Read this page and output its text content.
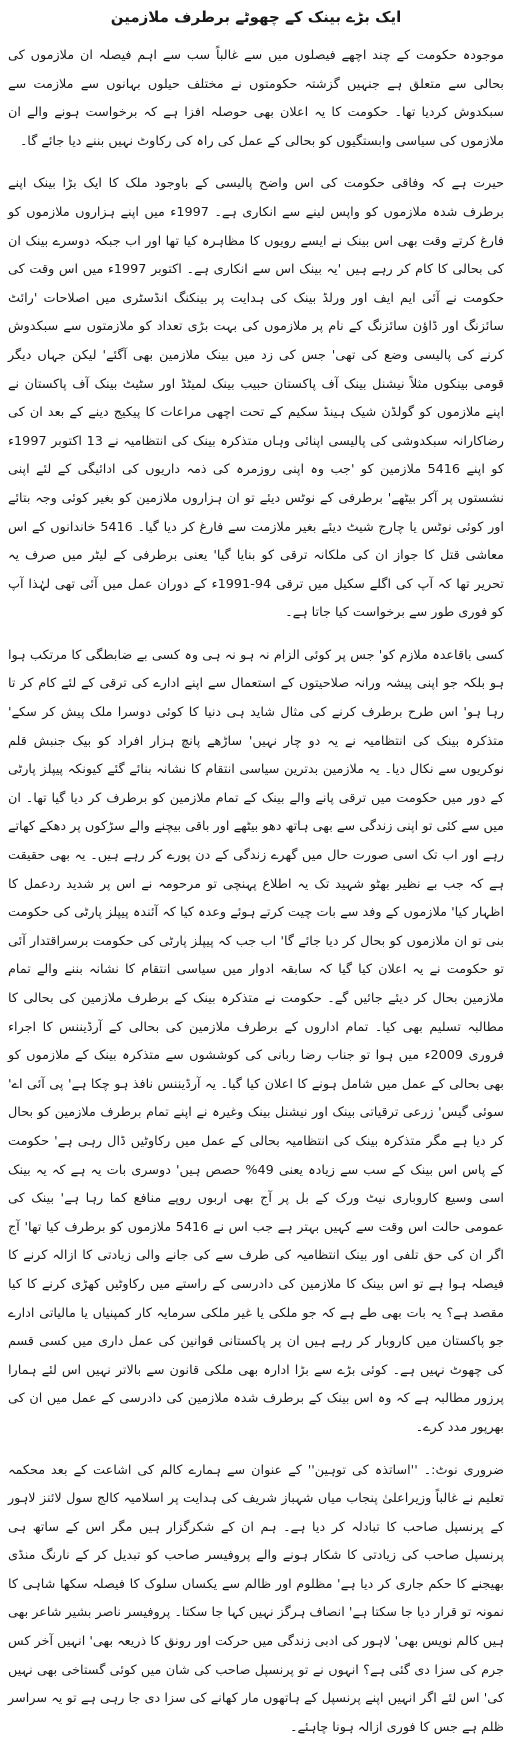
ایک بڑے بینک کے چھوٹے برطرف ملازمین

موجودہ حکومت کے چند اچھے فیصلوں میں سے غالباً سب سے اہم فیصلہ ان ملازموں کی بحالی سے متعلق ہے جنہیں گزشتہ حکومتوں نے مختلف حیلوں بہانوں سے ملازمت سے سبکدوش کردیا تھا۔ حکومت کا یہ اعلان بھی حوصلہ افزا ہے کہ برخواست ہونے والے ان ملازموں کی سیاسی وابستگیوں کو بحالی کے عمل کی راہ کی رکاوٹ نہیں بننے دیا جائے گا۔

حیرت ہے کہ وفاقی حکومت کی اس واضح پالیسی کے باوجود ملک کا ایک بڑا بینک اپنے برطرف شدہ ملازموں کو واپس لینے سے انکاری ہے۔ 1997ء میں اپنے ہزاروں ملازموں کو فارغ کرتے وقت بھی اس بینک نے ایسے رویوں کا مظاہرہ کیا تھا اور اب جبکہ دوسرے بینک ان کی بحالی کا کام کر رہے ہیں 'یہ بینک اس سے انکاری ہے۔ اکتوبر 1997ء میں اس وقت کی حکومت نے آئی ایم ایف اور ورلڈ بینک کی ہدایت پر بینکنگ انڈسٹری میں اصلاحات 'رائٹ سائزنگ اور ڈاؤن سائزنگ کے نام پر ملازموں کی بہت بڑی تعداد کو ملازمتوں سے سبکدوش کرنے کی پالیسی وضع کی تھی' جس کی زد میں بینک ملازمین بھی آگئے' لیکن جہاں دیگر قومی بینکوں مثلاً نیشنل بینک آف پاکستان حبیب بینک لمیٹڈ اور سٹیٹ بینک آف پاکستان نے اپنے ملازموں کو گولڈن شیک ہینڈ سکیم کے تحت اچھی مراعات کا پیکیج دینے کے بعد ان کی رضاکارانہ سبکدوشی کی پالیسی اپنائی وہاں متذکرہ بینک کی انتظامیہ نے 13 اکتوبر 1997ء کو اپنے 5416 ملازمین کو 'جب وہ اپنی روزمرہ کی ذمہ داریوں کی ادائیگی کے لئے اپنی نشستوں پر آکر بیٹھے' برطرفی کے نوٹس دیئے تو ان ہزاروں ملازمین کو بغیر کوئی وجہ بتائے اور کوئی نوٹس یا چارج شیٹ دیئے بغیر ملازمت سے فارغ کر دیا گیا۔ 5416 خاندانوں کے اس معاشی قتل کا جواز ان کی ملکانہ ترقی کو بنایا گیا' یعنی برطرفی کے لیٹر میں صرف یہ تحریر تھا کہ آپ کی اگلے سکیل میں ترقی 94-1991ء کے دوران عمل میں آئی تھی لہٰذا آپ کو فوری طور سے برخواست کیا جاتا ہے۔

کسی باقاعدہ ملازم کو' جس پر کوئی الزام نہ ہو نہ ہی وہ کسی بے ضابطگی کا مرتکب ہوا ہو بلکہ جو اپنی پیشہ ورانہ صلاحیتوں کے استعمال سے اپنے ادارے کی ترقی کے لئے کام کر تا رہا ہو' اس طرح برطرف کرنے کی مثال شاید ہی دنیا کا کوئی دوسرا ملک پیش کر سکے' متذکرہ بینک کی انتظامیہ نے یہ دو چار نہیں' ساڑھے پانچ ہزار افراد کو بیک جنبش قلم نوکریوں سے نکال دیا۔ یہ ملازمین بدترین سیاسی انتقام کا نشانہ بنائے گئے کیونکہ پیپلز پارٹی کے دور میں حکومت میں ترقی پانے والے بینک کے تمام ملازمین کو برطرف کر دیا گیا تھا۔ ان میں سے کئی تو اپنی زندگی سے بھی ہاتھ دھو بیٹھے اور باقی بیچنے والے سڑکوں پر دھکے کھاتے رہے اور اب تک اسی صورت حال میں گھرے زندگی کے دن پورے کر رہے ہیں۔ یہ بھی حقیقت ہے کہ جب بے نظیر بھٹو شہید تک یہ اطلاع پہنچی تو مرحومہ نے اس پر شدید ردعمل کا اظہار کیا' ملازموں کے وفد سے بات چیت کرتے ہوئے وعدہ کیا کہ آئندہ پیپلز پارٹی کی حکومت بنی تو ان ملازموں کو بحال کر دیا جائے گا' اب جب کہ پیپلز پارٹی کی حکومت برسراقتدار آئی تو حکومت نے یہ اعلان کیا گیا کہ سابقہ ادوار میں سیاسی انتقام کا نشانہ بننے والے تمام ملازمین بحال کر دیئے جائیں گے۔ حکومت نے متذکرہ بینک کے برطرف ملازمین کی بحالی کا مطالبہ تسلیم بھی کیا۔ تمام اداروں کے برطرف ملازمین کی بحالی کے آرڈیننس کا اجراء فروری 2009ء میں ہوا تو جناب رضا ربانی کی کوششوں سے متذکرہ بینک کے ملازموں کو بھی بحالی کے عمل میں شامل ہونے کا اعلان کیا گیا۔ یہ آرڈیننس نافذ ہو چکا ہے' پی آئی اے' سوئی گیس' زرعی ترقیاتی بینک اور نیشنل بینک وغیرہ نے اپنے تمام برطرف ملازمین کو بحال کر دیا ہے مگر متذکرہ بینک کی انتظامیہ بحالی کے عمل میں رکاوٹیں ڈال رہی ہے' حکومت کے پاس اس بینک کے سب سے زیادہ یعنی 49% حصص ہیں' دوسری بات یہ ہے کہ یہ بینک اسی وسیع کاروباری نیٹ ورک کے بل پر آج بھی اربوں روپے منافع کما رہا ہے' بینک کی عمومی حالت اس وقت سے کہیں بہتر ہے جب اس نے 5416 ملازموں کو برطرف کیا تھا' آج اگر ان کی حق تلفی اور بینک انتظامیہ کی طرف سے کی جانے والی زیادتی کا ازالہ کرنے کا فیصلہ ہوا ہے تو اس بینک کا ملازمین کی دادرسی کے راستے میں رکاوٹیں کھڑی کرنے کا کیا مقصد ہے؟ یہ بات بھی طے ہے کہ جو ملکی یا غیر ملکی سرمایہ کار کمپنیاں یا مالیاتی ادارے جو پاکستان میں کاروبار کر رہے ہیں ان پر پاکستانی قوانین کی عمل داری میں کسی قسم کی چھوٹ نہیں ہے۔ کوئی بڑے سے بڑا ادارہ بھی ملکی قانون سے بالاتر نہیں اس لئے ہمارا پرزور مطالبہ ہے کہ وہ اس بینک کے برطرف شدہ ملازمین کی دادرسی کے عمل میں ان کی بھرپور مدد کرے۔

ضروری نوٹ:۔ ''اساتذہ کی توہین'' کے عنوان سے ہمارے کالم کی اشاعت کے بعد محکمہ تعلیم نے غالباً وزیراعلیٰ پنجاب میاں شہباز شریف کی ہدایت پر اسلامیہ کالج سول لائنز لاہور کے پرنسپل صاحب کا تبادلہ کر دیا ہے۔ ہم ان کے شکرگزار ہیں مگر اس کے ساتھ ہی پرنسپل صاحب کی زیادتی کا شکار ہونے والے پروفیسر صاحب کو تبدیل کر کے نارنگ منڈی بھیجنے کا حکم جاری کر دیا ہے' مظلوم اور ظالم سے یکساں سلوک کا فیصلہ سکھا شاہی کا نمونہ تو قرار دیا جا سکتا ہے' انصاف ہرگز نہیں کہا جا سکتا۔ پروفیسر ناصر بشیر شاعر بھی ہیں کالم نویس بھی' لاہور کی ادبی زندگی میں حرکت اور رونق کا ذریعہ بھی' انہیں آخر کس جرم کی سزا دی گئی ہے؟ انہوں نے تو پرنسپل صاحب کی شان میں کوئی گستاخی بھی نہیں کی' اس لئے اگر انہیں اپنے پرنسپل کے ہاتھوں مار کھانے کی سزا دی جا رہی ہے تو یہ سراسر ظلم ہے جس کا فوری ازالہ ہونا چاہئے۔
